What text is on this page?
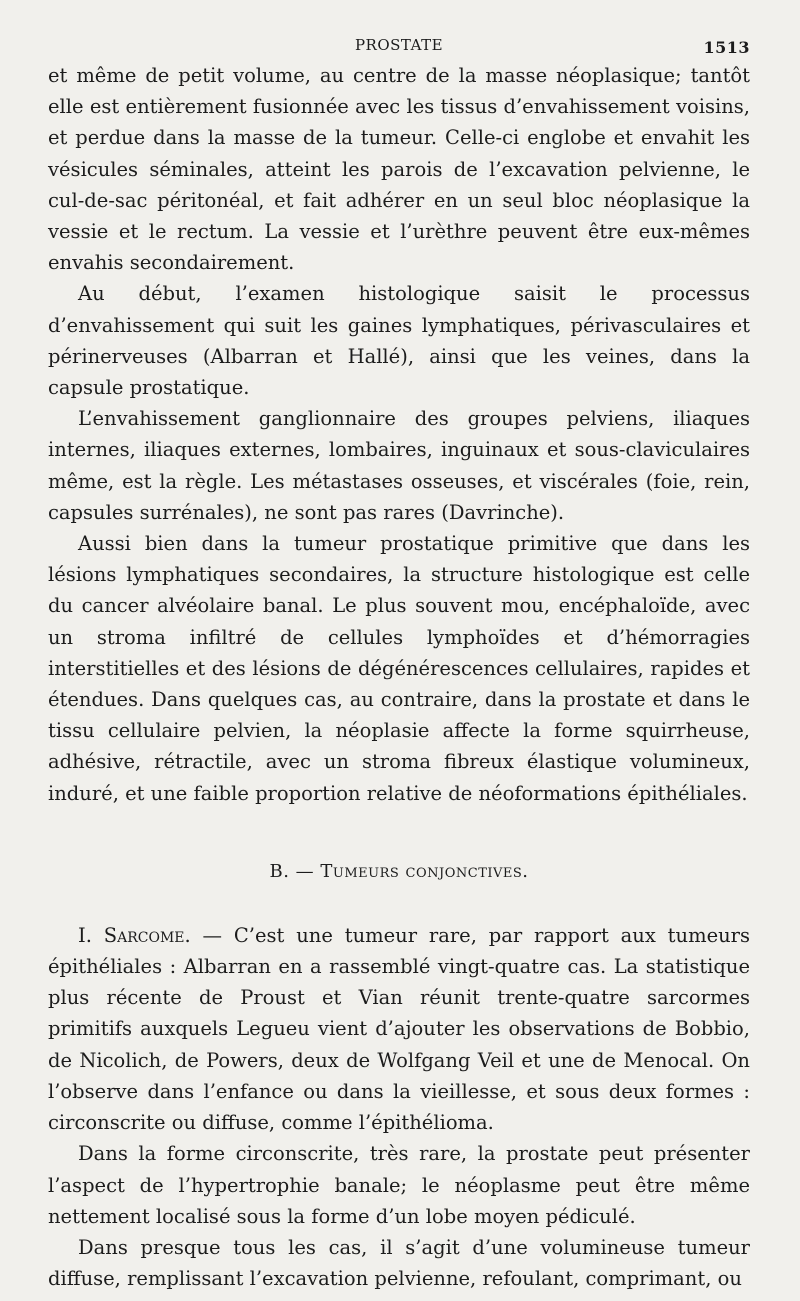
PROSTATE	1513

et même de petit volume, au centre de la masse néoplasique; tantôt elle est entièrement fusionnée avec les tissus d’envahissement voisins, et perdue dans la masse de la tumeur. Celle-ci englobe et envahit les vésicules séminales, atteint les parois de l’excavation pelvienne, le cul-de-sac péritonéal, et fait adhérer en un seul bloc néoplasique la vessie et le rectum. La vessie et l’urèthre peuvent être eux-mêmes envahis secondairement.

Au début, l’examen histologique saisit le processus d’envahissement qui suit les gaines lymphatiques, périvasculaires et périnerveuses (Albarran et Hallé), ainsi que les veines, dans la capsule prostatique.

L’envahissement ganglionnaire des groupes pelviens, iliaques internes, iliaques externes, lombaires, inguinaux et sous-claviculaires même, est la règle. Les métastases osseuses, et viscérales (foie, rein, capsules surrénales), ne sont pas rares (Davrinche).

Aussi bien dans la tumeur prostatique primitive que dans les lésions lymphatiques secondaires, la structure histologique est celle du cancer alvéolaire banal. Le plus souvent mou, encéphaloïde, avec un stroma infiltré de cellules lymphoïdes et d’hémorragies interstitielles et des lésions de dégénérescences cellulaires, rapides et étendues. Dans quelques cas, au contraire, dans la prostate et dans le tissu cellulaire pelvien, la néoplasie affecte la forme squirrheuse, adhésive, rétractile, avec un stroma fibreux élastique volumineux, induré, et une faible proportion relative de néoformations épithéliales.

B. — Tumeurs conjonctives.

I. Sarcome. — C’est une tumeur rare, par rapport aux tumeurs épithéliales : Albarran en a rassemblé vingt-quatre cas. La statistique plus récente de Proust et Vian réunit trente-quatre sarcormes primitifs auxquels Legueu vient d’ajouter les observations de Bobbio, de Nicolich, de Powers, deux de Wolfgang Veil et une de Menocal. On l’observe dans l’enfance ou dans la vieillesse, et sous deux formes : circonscrite ou diffuse, comme l’épithélioma.

Dans la forme circonscrite, très rare, la prostate peut présenter l’aspect de l’hypertrophie banale; le néoplasme peut être même nettement localisé sous la forme d’un lobe moyen pédiculé.

Dans presque tous les cas, il s’agit d’une volumineuse tumeur diffuse, remplissant l’excavation pelvienne, refoulant, comprimant, ou
